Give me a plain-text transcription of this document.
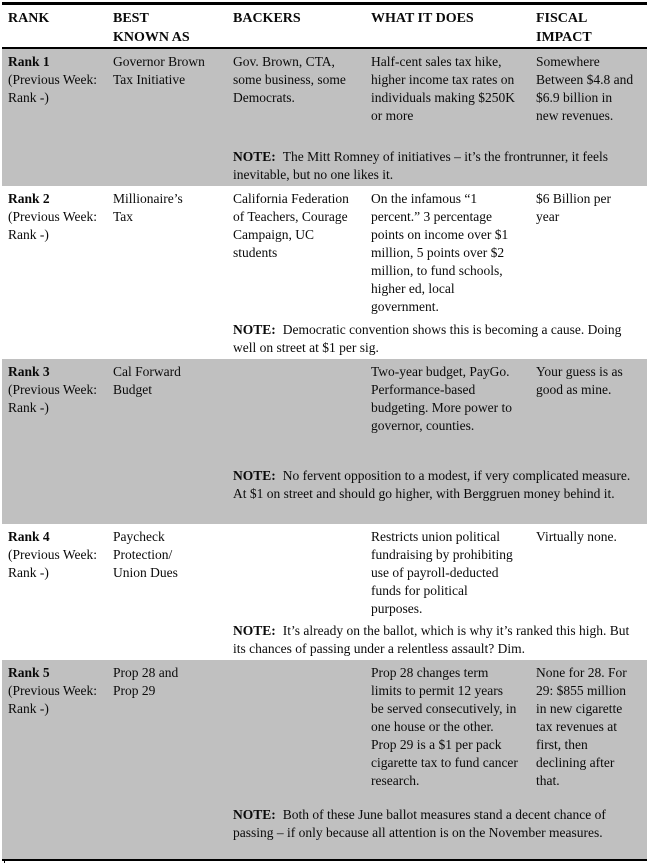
RANK	BEST KNOWN AS	BACKERS	WHAT IT DOES	FISCAL IMPACT

Rank 1
(Previous Week: Rank -)	Governor Brown Tax Initiative	Gov. Brown, CTA, some business, some Democrats.	Half-cent sales tax hike, higher income tax rates on individuals making $250K or more	Somewhere Between $4.8 and $6.9 billion in new revenues.
		NOTE: The Mitt Romney of initiatives – it’s the frontrunner, it feels inevitable, but no one likes it.		

Rank 2
(Previous Week: Rank -)	Millionaire’s Tax	California Federation of Teachers, Courage Campaign, UC students	On the infamous “1 percent.” 3 percentage points on income over $1 million, 5 points over $2 million, to fund schools, higher ed, local government.	$6 Billion per year
		NOTE: Democratic convention shows this is becoming a cause. Doing well on street at $1 per sig.		

Rank 3
(Previous Week: Rank -)	Cal Forward Budget		Two-year budget, PayGo. Performance-based budgeting. More power to governor, counties.	Your guess is as good as mine.
		NOTE: No fervent opposition to a modest, if very complicated measure. At $1 on street and should go higher, with Berggruen money behind it.		

Rank 4
(Previous Week: Rank -)	Paycheck Protection/ Union Dues		Restricts union political fundraising by prohibiting use of payroll-deducted funds for political purposes.	Virtually none.
		NOTE: It’s already on the ballot, which is why it’s ranked this high. But its chances of passing under a relentless assault? Dim.		

Rank 5
(Previous Week: Rank -)	Prop 28 and Prop 29		Prop 28 changes term limits to permit 12 years be served consecutively, in one house or the other. Prop 29 is a $1 per pack cigarette tax to fund cancer research.	None for 28. For 29: $855 million in new cigarette tax revenues at first, then declining after that.
		NOTE: Both of these June ballot measures stand a decent chance of passing – if only because all attention is on the November measures.		
